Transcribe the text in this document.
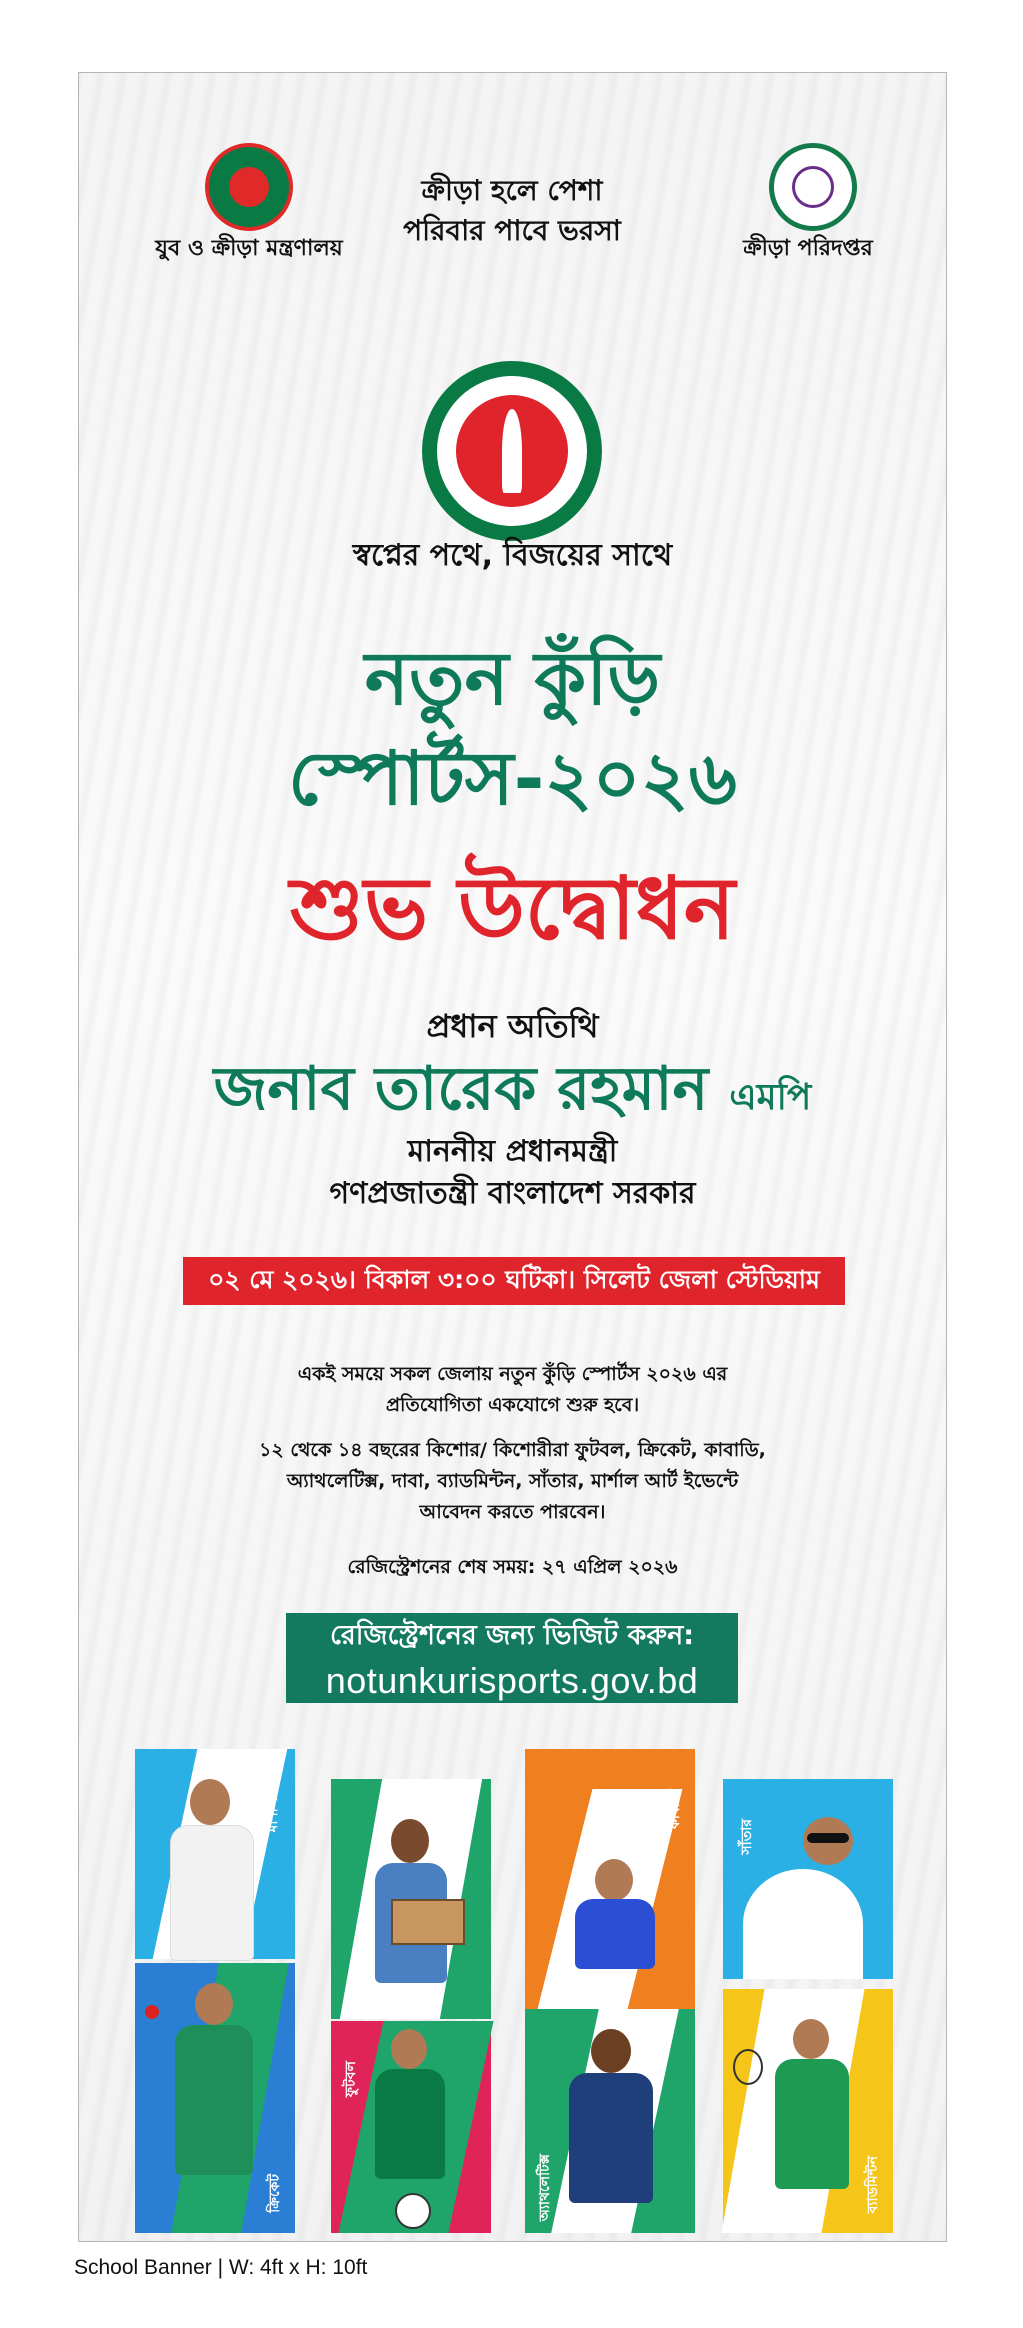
যুব ও ক্রীড়া মন্ত্রণালয়
ক্রীড়া হলে পেশা
পরিবার পাবে ভরসা
ক্রীড়া পরিদপ্তর
স্বপ্নের পথে, বিজয়ের সাথে
নতুন কুঁড়ি
স্পোর্টস-২০২৬
শুভ উদ্বোধন
প্রধান অতিথি
জনাব তারেক রহমান এমপি
মাননীয় প্রধানমন্ত্রী
গণপ্রজাতন্ত্রী বাংলাদেশ সরকার
০২ মে ২০২৬। বিকাল ৩:০০ ঘটিকা। সিলেট জেলা স্টেডিয়াম
একই সময়ে সকল জেলায় নতুন কুঁড়ি স্পোর্টস ২০২৬ এর
প্রতিযোগিতা একযোগে শুরু হবে।
১২ থেকে ১৪ বছরের কিশোর/ কিশোরীরা ফুটবল, ক্রিকেট, কাবাডি,
অ্যাথলেটিক্স, দাবা, ব্যাডমিন্টন, সাঁতার, মার্শাল আর্ট ইভেন্টে
আবেদন করতে পারবেন।
রেজিস্ট্রেশনের শেষ সময়: ২৭ এপ্রিল ২০২৬
রেজিস্ট্রেশনের জন্য ভিজিট করুন:
notunkurisports.gov.bd
মার্শাল আর্ট
দাবা
কাবাডি
ক্রিকেট
ফুটবল
অ্যাথলেটিক্স	ব্যাডমিন্টন
সাঁতার
School Banner | W: 4ft x H: 10ft
